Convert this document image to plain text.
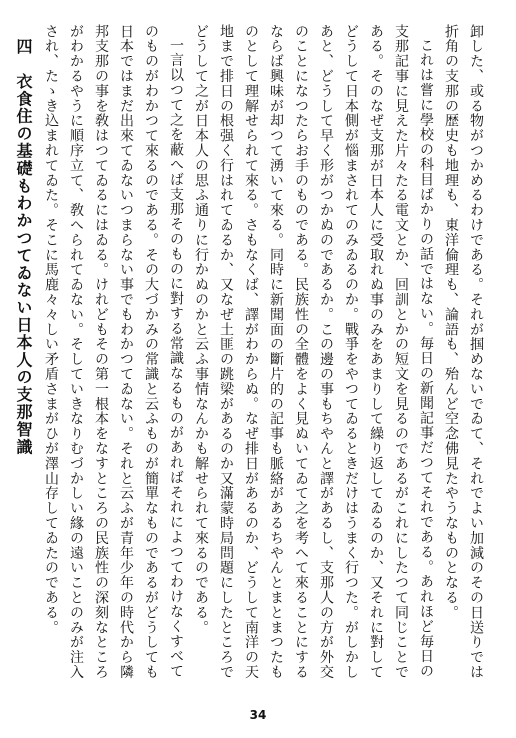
卸した、或る物がつかめるわけである。それが掴めないでゐて、それでよい加減のその日送りでは折角の支那の歴史も地理も、東洋倫理も、論語も、殆んど空念佛見たやうなものとなる。

これは嘗に學校の科目ばかりの話ではない。毎日の新聞記事だつてそれである。あれほど毎日の支那記事に見えた片々たる電文とか、回訓とかの短文を見るのであるがこれにしたつて同じことである。そのなぜ支那が日本人に受取れぬ事のみをあまりして繰り返してゐるのか、又それに對してどうして日本側が惱まされてのみゐるのか。戰爭をやつてゐるときだけはうまく行つた。がしかしあと、どうして早く形がつかぬのであるか。この邊の事もちやんと譯があるし、支那人の方が外交のことになつたらお手のものである。民族性の全體をよく見ぬいてゐて之を考へて來ることにするならば興味が却つて湧いて來る。同時に新聞面の斷片的の記事も脈絡があるちやんとまとまつたものとして理解せられて來る。さもなくば、譯がわからぬ。なぜ排日があるのか、どうして南洋の天地まで排日の根强く行はれてゐるか、又なぜ土匪の跳梁があるのか又滿蒙時局問題にしたところでどうして之が日本人の思ふ通りに行かぬのかと云ふ事情なんかも解せられて來るのである。

一言以つて之を蔽へば支那そのものに對する常識なるものがあればそれによつてわけなくすべてのものがわかつて來るのである。その大づかみの常識と云ふものが簡單なものであるがどうしても日本ではまだ出來てゐないつまらない事でもわかつてゐない。それと云ふが青年少年の時代から隣邦支那の事を敎はつてゐるにはゐる。けれどもその第一根本をなすところの民族性の深刻なところがわかるやうに順序立て、敎へられてゐない。そしていきなりむづかしい緣の遠いことのみが注入され、たゝき込まれてゐた。そこに馬鹿々々しい矛盾さまがひが澤山存してゐたのである。

四　衣食住の基礎もわかつてゐない日本人の支那智識
34
